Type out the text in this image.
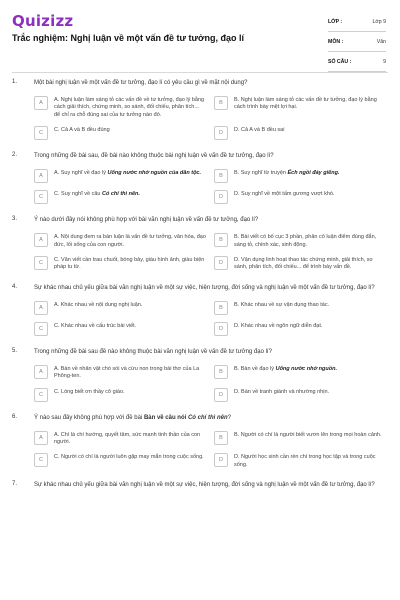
Quizizz
Trắc nghiệm: Nghị luận về một vấn đề tư tưởng, đạo lí
LỚP :	Lớp 9
MÔN :	Văn
SỐ CÂU :	9
1.	Một bài nghị luận về một vấn đề tư tưởng, đạo lí có yêu cầu gì về mặt nội dung?
A	A. Nghị luận làm sáng tỏ các vấn đề về tư tưởng, đạo lý bằng cách giải thích, chứng minh, so sánh, đối chiếu, phân tích... để chỉ ra chỗ đúng sai của tư tưởng nào đó.
B	B. Nghị luận làm sáng tỏ các vấn đề tư tưởng, đạo lý bằng cách trình bày mệt lợi hại.
C	C. Cả A và B đều đúng	D	D. Cả A và B đều sai
2.	Trong những đề bài sau, đề bài nào không thuộc bài nghị luận về vấn đề tư tưởng, đạo lí?
A	A. Suy nghĩ về đạo lý Uống nước nhớ nguồn của dân tộc.	B	B. Suy nghĩ từ truyện Ếch ngồi đáy giếng.
C	C. Suy nghĩ về câu Có chí thì nên.	D	D. Suy nghĩ về một tấm gương vượt khó.
3.	Ý nào dưới đây nói không phù hợp với bài văn nghị luận về vấn đề tư tưởng, đạo lí?
A	A. Nội dung đem ra bàn luận là vấn đề tư tưởng, văn hóa, đạo đức, lối sống của con người.
B	B. Bài viết có bố cục 3 phần, phân có luận điểm đúng đắn, sáng tỏ, chính xác, sinh động.
C	C. Văn viết cần trau chuốt, bóng bảy, giàu hình ảnh, giàu biện pháp tu từ.
D	D. Vận dụng linh hoạt thao tác chứng minh, giải thích, so sánh, phân tích, đối chiếu... để trình bày vấn đề.
4.	Sự khác nhau chủ yếu giữa bài văn nghị luận về một sự việc, hiện tượng, đời sống và nghị luận về một vấn đề tư tưởng, đạo lí?
A	A. Khác nhau về nội dung nghị luận.	B	B. Khác nhau về sự vận dụng thao tác.
C	C. Khác nhau về cấu trúc bài viết.	D	D. Khác nhau về ngôn ngữ diễn đạt.
5.	Trong những đề bài sau đề nào không thuộc bài văn nghị luận về vấn đề tư tưởng đạo lí?
A	A. Bàn về nhân vật chó sói và cừu non trong bài thơ của La Phông-ten.
B	B. Bàn về đạo lý Uống nước nhớ nguồn.
C	C. Lòng biết ơn thầy cô giáo.	D	D. Bàn về tranh giành và nhường nhịn.
6.	Ý nào sau đây không phù hợp với đề bài Bàn về câu nói Có chí thì nên?
A	A. Chí là chí hướng, quyết tâm, sức mạnh tinh thần của con người.
B	B. Người có chí là người biết vươn lên trong mọi hoàn cảnh.
C	C. Người có chí là người luôn gặp may mắn trong cuộc sống.	D	D. Người học sinh cần rèn chí trong học tập và trong cuộc sống.
7.	Sự khác nhau chủ yếu giữa bài văn nghị luận về một sự việc, hiện tượng, đời sống và nghị luận về một vấn đề tư tưởng, đạo lí?
